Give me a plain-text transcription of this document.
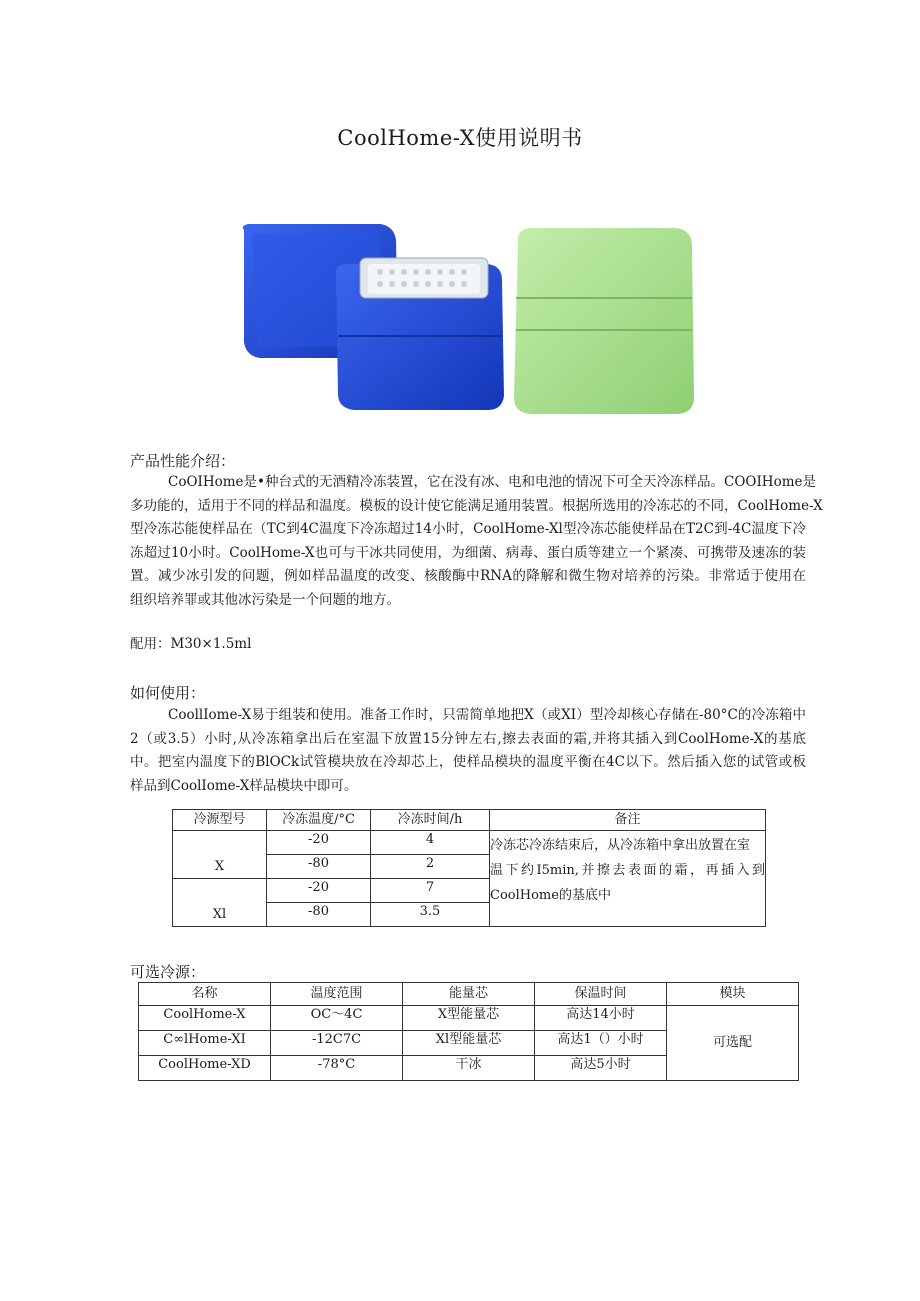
CoolHome-X使用说明书
产品性能介绍：
CoOIHome是•种台式的无酒精冷冻装置，它在没有冰、电和电池的情况下可全天冷冻样品。COOIHome是
多功能的，适用于不同的样品和温度。模板的设计使它能满足通用装置。根据所选用的冷冻芯的不同，CoolHome-X
型冷冻芯能使样品在（TC到4C温度下冷冻超过14小时，CoolHome-Xl型冷冻芯能使样品在T2C到-4C温度下冷
冻超过10小时。CoolHome-X也可与干冰共同使用，为细菌、病毒、蛋白质等建立一个紧凑、可携带及速冻的装
置。减少冰引发的问题，例如样品温度的改变、核酸酶中RNA的降解和微生物对培养的污染。非常适于使用在
组织培养罪或其他冰污染是一个问题的地方。
配用：M30×1.5ml
如何使用：
CoollIome-X易于组装和使用。准备工作时，只需简单地把X（或XI）型冷却核心存储在-80°C的冷冻箱中
2（或3.5）小时,从冷冻箱拿出后在室温下放置15分钟左右,擦去表面的霜,并将其插入到CoolHome-X的基底
中。把室内温度下的BlOCk试管模块放在冷却芯上，使样品模块的温度平衡在4C以下。然后插入您的试管或板
样品到CoolIome-X样品模块中即可。
冷源型号	冷冻温度/°C	冷冻时间/h	备注
X	-20	4	冷冻芯冷冻结束后，从冷冻箱中拿出放置在室
温下约I5min,并擦去表面的霜，再插入到
CoolHome的基底中

	-80	2	
Xl	-20	7	
	-80	3.5	
可选冷源：
名称	温度范围	能量芯	保温时间	模块
CoolHome-X	OC～4C	X型能量芯	高达14小时	可选配
C∞lHome-XI	-12C7C	Xl型能量芯	高达1（）小时	
CoolHome-XD	-78°C	干冰	高达5小时	
